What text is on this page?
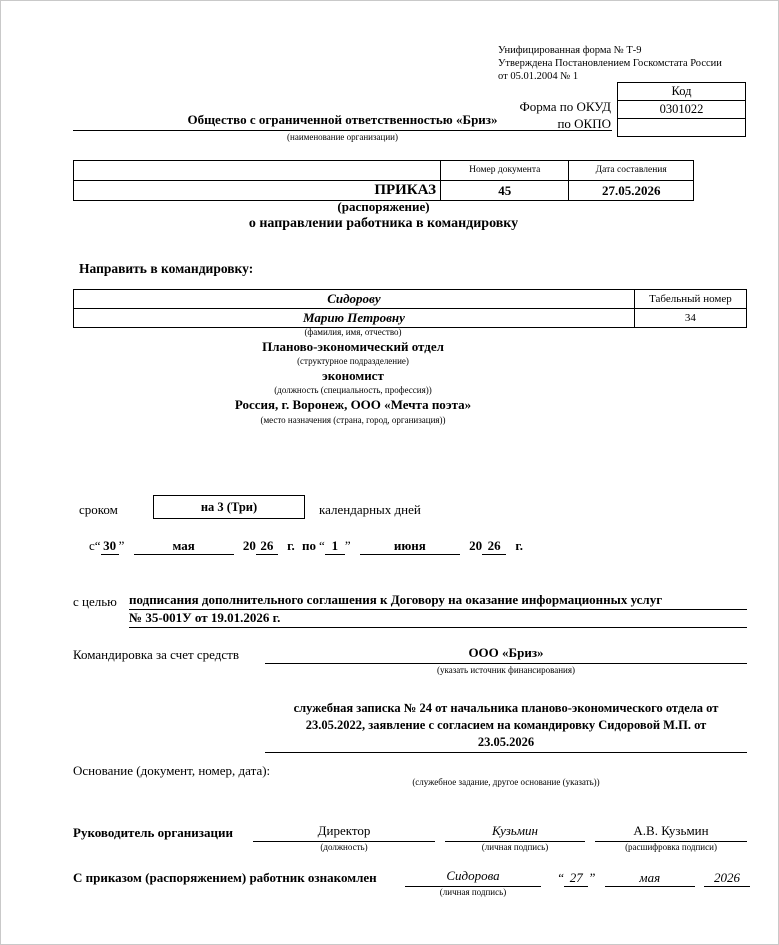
Унифицированная форма № Т-9
Утверждена Постановлением Госкомстата России
от 05.01.2004 № 1
Код
0301022

Форма по ОКУД
по ОКПО
Общество с ограниченной ответственностью «Бриз»
(наименование организации)
	Номер документа	Дата составления
ПРИКАЗ	45	27.05.2026
(распоряжение)
о направлении работника в командировку
Направить в командировку:
Сидорову	Табельный номер
Марию Петровну	34
(фамилия, имя, отчество)
Планово-экономический отдел
(структурное подразделение)
экономист
(должность (специальность, профессия))
Россия, г. Воронеж, ООО «Мечта поэта»
(место назначения (страна, город, организация))
сроком	на 3 (Три)	календарных дней
с“ 30 ”	мая	20 26 г. по “ 1 ”	июня	20 26 г.
с целью подписания дополнительного соглашения к Договору на оказание информационных услуг
№ 35-001У от 19.01.2026 г.
Командировка за счет средств	ООО «Бриз»
(указать источник финансирования)
служебная записка № 24 от начальника планово-экономического отдела от
23.05.2022, заявление с согласием на командировку Сидоровой М.П. от
23.05.2026
Основание (документ, номер, дата):
(служебное задание, другое основание (указать))
Руководитель организации	Директор
(должность)
Кузьмин
(личная подпись)
А.В. Кузьмин
(расшифровка подписи)
С приказом (распоряжением) работник ознакомлен	Сидорова
(личная подпись)
“ 27 ”	мая	2026
